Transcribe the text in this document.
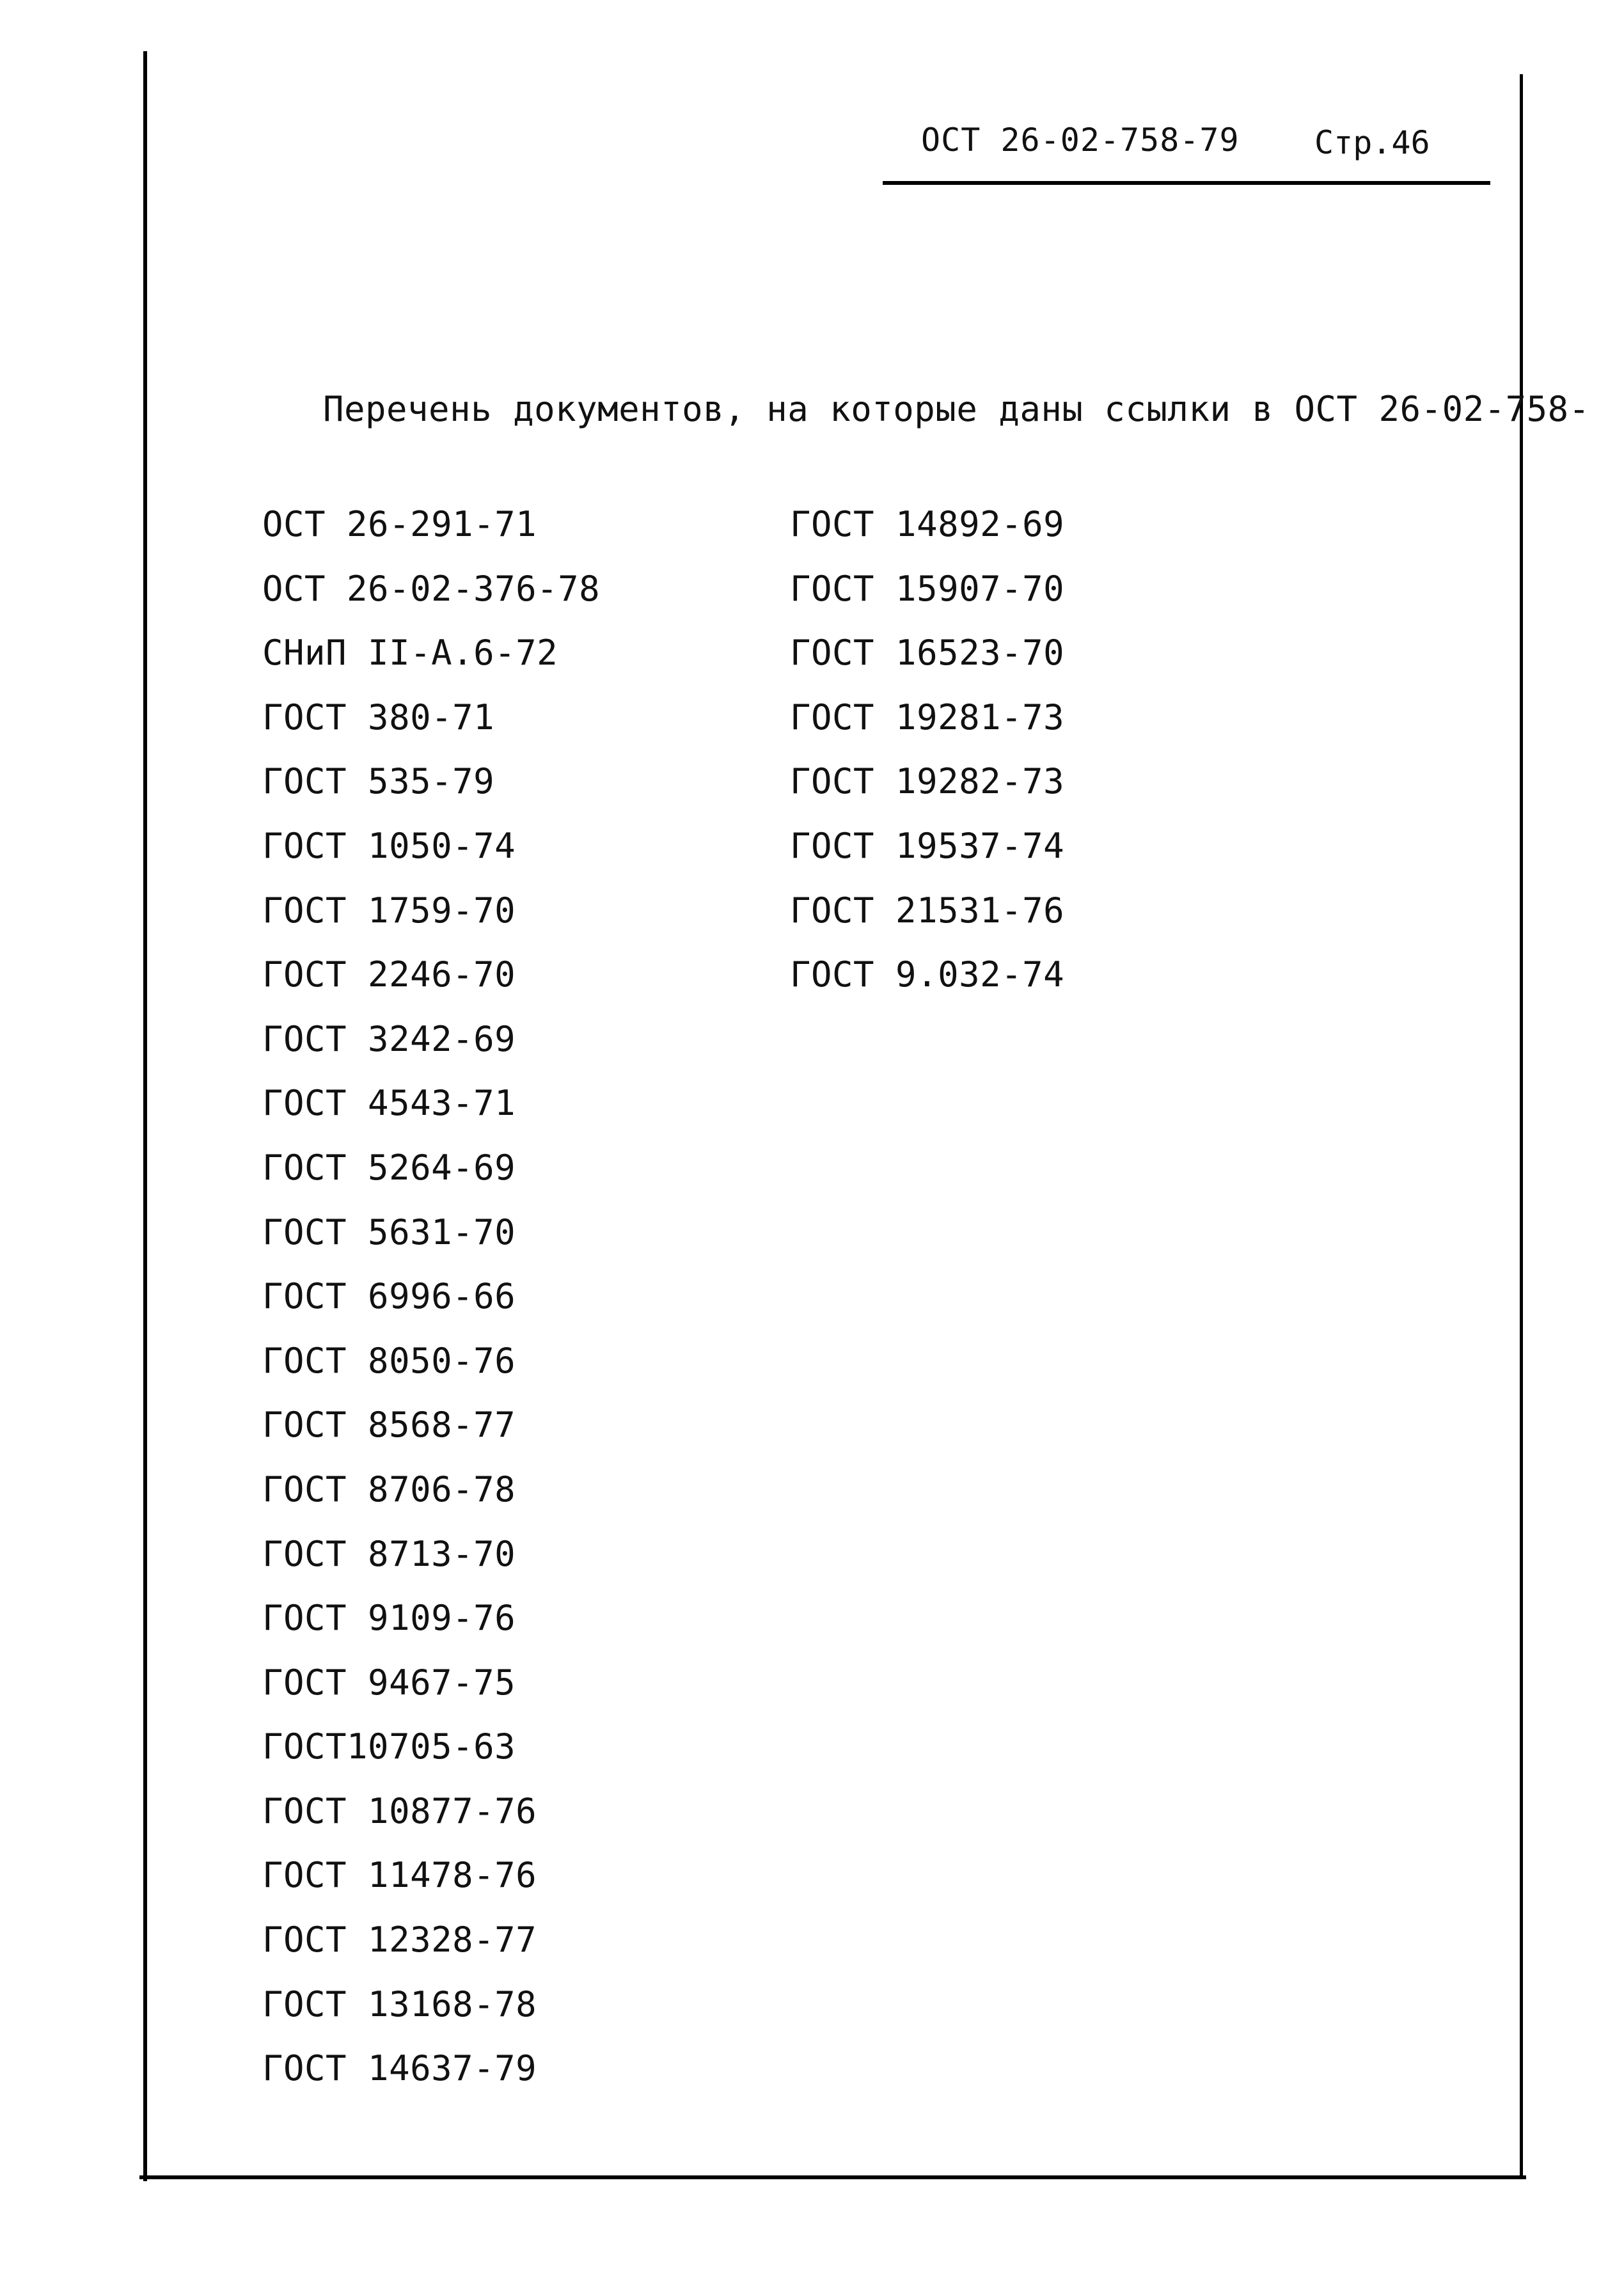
ОСТ 26-02-758-79 Стр.46
Перечень документов, на которые даны ссылки в ОСТ 26-02-758-
ОСТ 26-291-71
ОСТ 26-02-376-78
СНиП II-А.6-72
ГОСТ 380-71
ГОСТ 535-79
ГОСТ 1050-74
ГОСТ 1759-70
ГОСТ 2246-70
ГОСТ 3242-69
ГОСТ 4543-71
ГОСТ 5264-69
ГОСТ 5631-70
ГОСТ 6996-66
ГОСТ 8050-76
ГОСТ 8568-77
ГОСТ 8706-78
ГОСТ 8713-70
ГОСТ 9109-76
ГОСТ 9467-75
ГОСТ10705-63
ГОСТ 10877-76
ГОСТ 11478-76
ГОСТ 12328-77
ГОСТ 13168-78
ГОСТ 14637-79
ГОСТ 14892-69
ГОСТ 15907-70
ГОСТ 16523-70
ГОСТ 19281-73
ГОСТ 19282-73
ГОСТ 19537-74
ГОСТ 21531-76
ГОСТ 9.032-74
